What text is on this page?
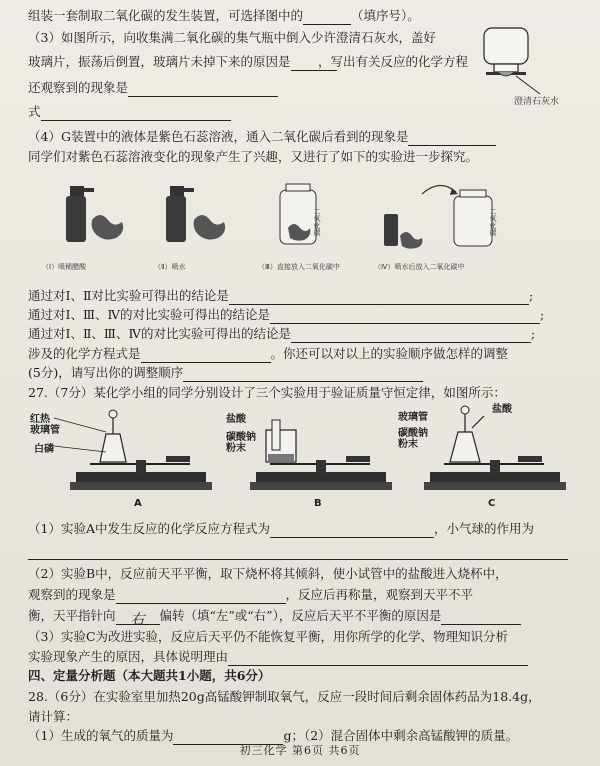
组装一套制取二氧化碳的发生装置，可选择图中的	（填序号）。
（3）如图所示，向收集满二氧化碳的集气瓶中倒入少许澄清石灰水，盖好
玻璃片，振荡后倒置，玻璃片未掉下来的原因是	，写出有关反应的化学方程
还观察到的现象是
式
澄清石灰水
（4）G装置中的液体是紫色石蕊溶液，通入二氧化碳后看到的现象是
同学们对紫色石蕊溶液变化的现象产生了兴趣，又进行了如下的实验进一步探究。
（Ⅰ）喷稀醋酸	（Ⅱ）喷水	（Ⅲ）直接放入二氧化碳中	（Ⅳ）喷水后放入二氧化碳中
二氧化碳	二氧化碳
通过对Ⅰ、Ⅱ对比实验可得出的结论是	;
通过对Ⅰ、Ⅲ、Ⅳ的对比实验可得出的结论是	;
通过对Ⅰ、Ⅱ、Ⅲ、Ⅳ的对比实验可得出的结论是	;
涉及的化学方程式是	。你还可以对以上的实验顺序做怎样的调整
(5分)，请写出你的调整顺序
27.（7分）某化学小组的同学分别设计了三个实验用于验证质量守恒定律，如图所示：
红热
玻璃管
白磷
A
盐酸
碳酸钠
粉末
B
玻璃管
碳酸钠
粉末
盐酸
C
（1）实验A中发生反应的化学反应方程式为	，小气球的作用为
（2）实验B中，反应前天平平衡，取下烧杯将其倾斜，使小试管中的盐酸进入烧杯中，
观察到的现象是	，反应后再称量，观察到天平不平
衡，天平指针向 右 偏转（填“左”或“右”），反应后天平不平衡的原因是
（3）实验C为改进实验，反应后天平仍不能恢复平衡，用你所学的化学、物理知识分析
实验现象产生的原因，具体说明理由
四、定量分析题（本大题共1小题，共6分）
28.（6分）在实验室里加热20g高锰酸钾制取氧气，反应一段时间后剩余固体药品为18.4g，
请计算：
（1）生成的氧气的质量为	g；（2）混合固体中剩余高锰酸钾的质量。
初三化学 第6页 共6页
